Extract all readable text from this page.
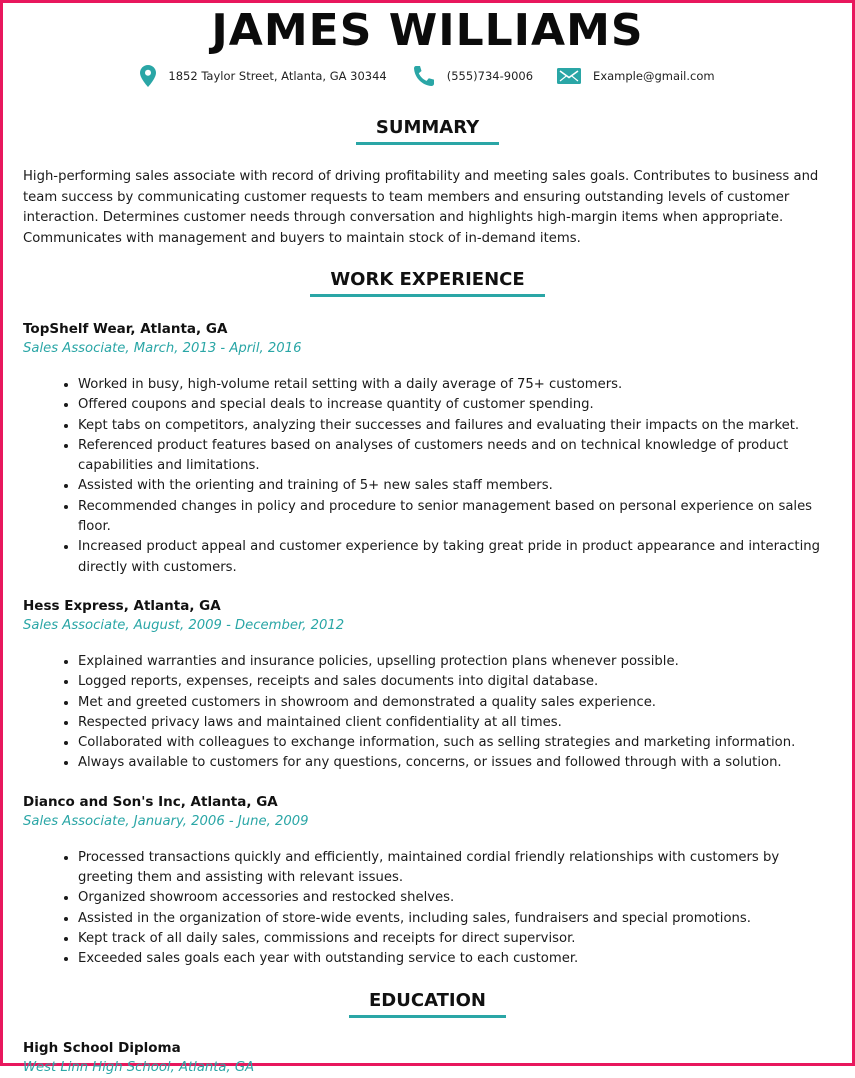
JAMES WILLIAMS
1852 Taylor Street, Atlanta, GA 30344	(555)734-9006	Example@gmail.com
SUMMARY
High-performing sales associate with record of driving profitability and meeting sales goals. Contributes to business and team success by communicating customer requests to team members and ensuring outstanding levels of customer interaction. Determines customer needs through conversation and highlights high-margin items when appropriate. Communicates with management and buyers to maintain stock of in-demand items.
WORK EXPERIENCE
TopShelf Wear, Atlanta, GA
Sales Associate, March, 2013 - April, 2016
• Worked in busy, high-volume retail setting with a daily average of 75+ customers.
• Offered coupons and special deals to increase quantity of customer spending.
• Kept tabs on competitors, analyzing their successes and failures and evaluating their impacts on the market.
• Referenced product features based on analyses of customers needs and on technical knowledge of product capabilities and limitations.
• Assisted with the orienting and training of 5+ new sales staff members.
• Recommended changes in policy and procedure to senior management based on personal experience on sales floor.
• Increased product appeal and customer experience by taking great pride in product appearance and interacting directly with customers.
Hess Express, Atlanta, GA
Sales Associate, August, 2009 - December, 2012
• Explained warranties and insurance policies, upselling protection plans whenever possible.
• Logged reports, expenses, receipts and sales documents into digital database.
• Met and greeted customers in showroom and demonstrated a quality sales experience.
• Respected privacy laws and maintained client confidentiality at all times.
• Collaborated with colleagues to exchange information, such as selling strategies and marketing information.
• Always available to customers for any questions, concerns, or issues and followed through with a solution.
Dianco and Son's Inc, Atlanta, GA
Sales Associate, January, 2006 - June, 2009
• Processed transactions quickly and efficiently, maintained cordial friendly relationships with customers by greeting them and assisting with relevant issues.
• Organized showroom accessories and restocked shelves.
• Assisted in the organization of store-wide events, including sales, fundraisers and special promotions.
• Kept track of all daily sales, commissions and receipts for direct supervisor.
• Exceeded sales goals each year with outstanding service to each customer.
EDUCATION
High School Diploma
West Linn High School, Atlanta, GA
